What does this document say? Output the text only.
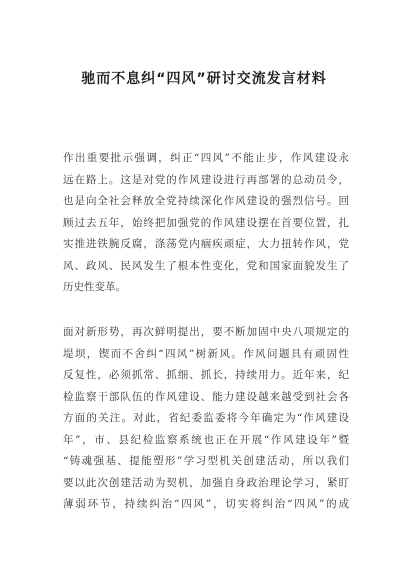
驰而不息纠“四风”研讨交流发言材料
作出重要批示强调，纠正“四风”不能止步，作风建设永
远在路上。这是对党的作风建设进行再部署的总动员令，
也是向全社会释放全党持续深化作风建设的强烈信号。回
顾过去五年，始终把加强党的作风建设摆在首要位置，扎
实推进铁腕反腐，涤荡党内痼疾顽症，大力扭转作风，党
风、政风、民风发生了根本性变化，党和国家面貌发生了
历史性变革。
面对新形势，再次鲜明提出，要不断加固中央八项规定的
堤坝，锲而不舍纠“四风”树新风。作风问题具有顽固性
反复性，必须抓常、抓细、抓长，持续用力。近年来，纪
检监察干部队伍的作风建设、能力建设越来越受到社会各
方面的关注。对此，省纪委监委将今年确定为“作风建设
年”，市、县纪检监察系统也正在开展“作风建设年”暨
“铸魂强基、提能塑形”学习型机关创建活动，所以我们
要以此次创建活动为契机，加强自身政治理论学习，紧盯
薄弱环节，持续纠治“四风”，切实将纠治“四风”的成
